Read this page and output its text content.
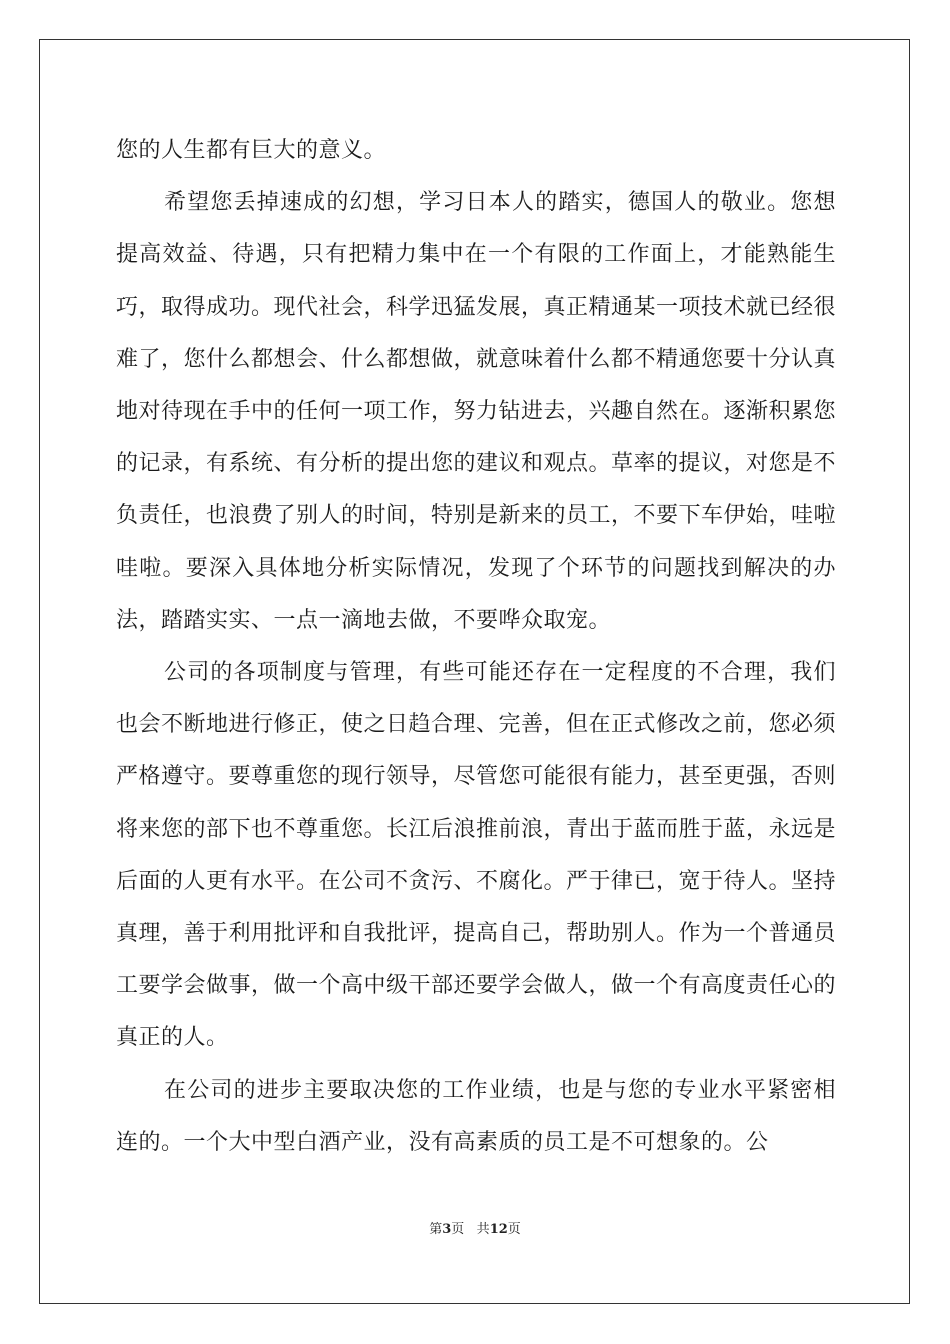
您的人生都有巨大的意义。

希望您丢掉速成的幻想，学习日本人的踏实，德国人的敬业。您想提高效益、待遇，只有把精力集中在一个有限的工作面上，才能熟能生巧，取得成功。现代社会，科学迅猛发展，真正精通某一项技术就已经很难了，您什么都想会、什么都想做，就意味着什么都不精通您要十分认真地对待现在手中的任何一项工作，努力钻进去，兴趣自然在。逐渐积累您的记录，有系统、有分析的提出您的建议和观点。草率的提议，对您是不负责任，也浪费了别人的时间，特别是新来的员工，不要下车伊始，哇啦哇啦。要深入具体地分析实际情况，发现了个环节的问题找到解决的办法，踏踏实实、一点一滴地去做，不要哗众取宠。

公司的各项制度与管理，有些可能还存在一定程度的不合理，我们也会不断地进行修正，使之日趋合理、完善，但在正式修改之前，您必须严格遵守。要尊重您的现行领导，尽管您可能很有能力，甚至更强，否则将来您的部下也不尊重您。长江后浪推前浪，青出于蓝而胜于蓝，永远是后面的人更有水平。在公司不贪污、不腐化。严于律已，宽于待人。坚持真理，善于利用批评和自我批评，提高自己，帮助别人。作为一个普通员工要学会做事，做一个高中级干部还要学会做人，做一个有高度责任心的真正的人。

在公司的进步主要取决您的工作业绩，也是与您的专业水平紧密相连的。一个大中型白酒产业，没有高素质的员工是不可想象的。公

第3页 共12页
